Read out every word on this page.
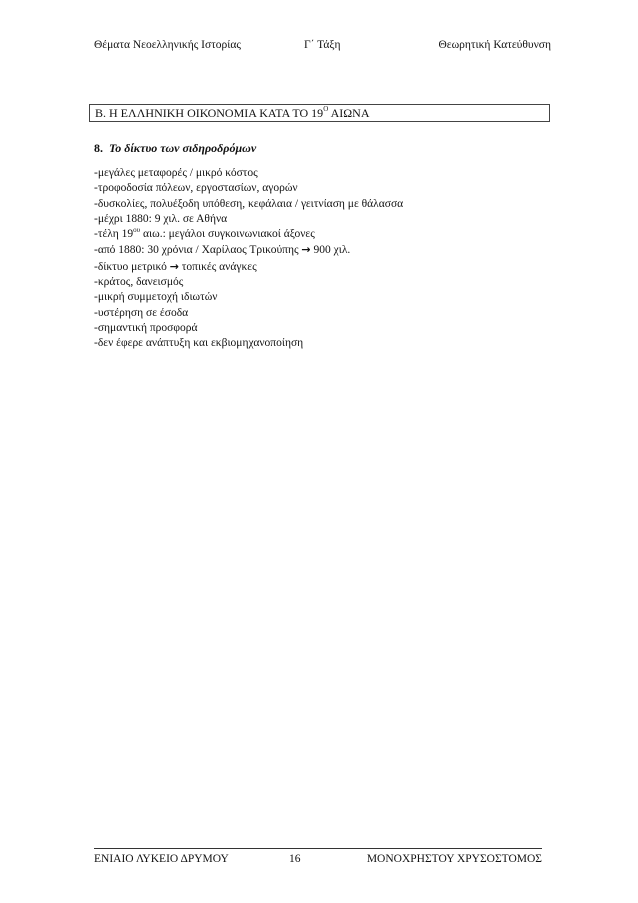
Θέματα Νεοελληνικής Ιστορίας	Γ΄ Τάξη	Θεωρητική Κατεύθυνση
Β. Η ΕΛΛΗΝΙΚΗ ΟΙΚΟΝΟΜΙΑ ΚΑΤΑ ΤΟ $19^O$ ΑΙΩΝΑ
8. Το δίκτυο των σιδηροδρόμων
-μεγάλες μεταφορές / μικρό κόστος
-τροφοδοσία πόλεων, εργοστασίων, αγορών
-δυσκολίες, πολυέξοδη υπόθεση, κεφάλαια / γειτνίαση με θάλασσα
-μέχρι 1880: 9 χιλ. σε Αθήνα
-τέλη $19^{o\upsilon}$ αιω.: μεγάλοι συγκοινωνιακοί άξονες
-από 1880: 30 χρόνια / Χαρίλαος Τρικούπης → 900 χιλ.
-δίκτυο μετρικό → τοπικές ανάγκες
-κράτος, δανεισμός
-μικρή συμμετοχή ιδιωτών
-υστέρηση σε έσοδα
-σημαντική προσφορά
-δεν έφερε ανάπτυξη και εκβιομηχανοποίηση
ΕΝΙΑΙΟ ΛΥΚΕΙΟ ΔΡΥΜΟΥ	16	ΜΟΝΟΧΡΗΣΤΟΥ ΧΡΥΣΟΣΤΟΜΟΣ
